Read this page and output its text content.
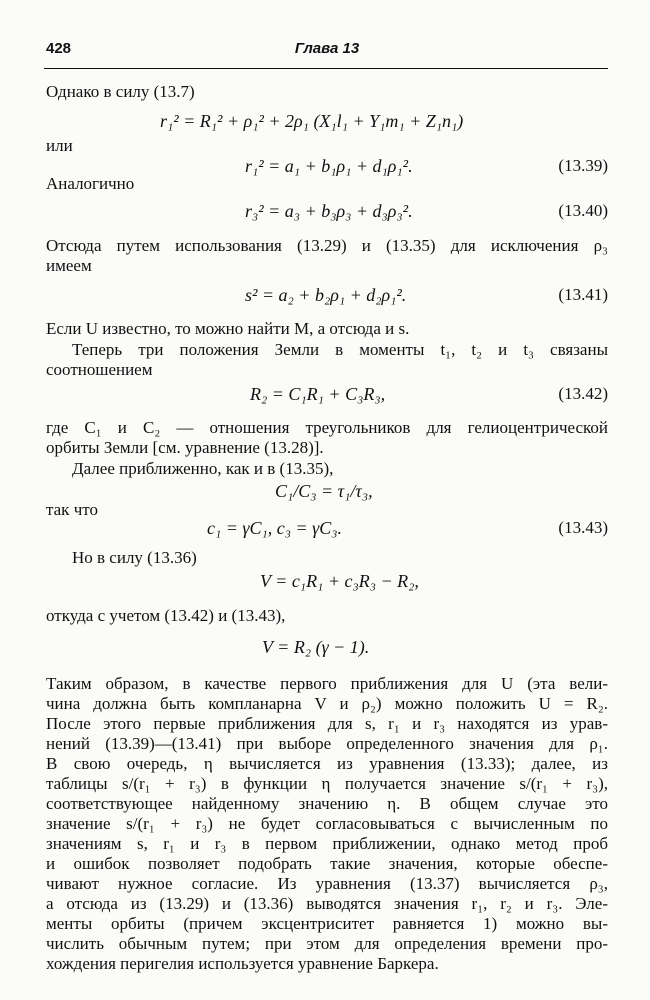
428	Глава 13
Однако в силу (13.7)
r₁² = R₁² + ρ₁² + 2ρ₁ (X₁l₁ + Y₁m₁ + Z₁n₁)
или
r₁² = a₁ + b₁ρ₁ + d₁ρ₁².	(13.39)
Аналогично
r₃² = a₃ + b₃ρ₃ + d₃ρ₃².	(13.40)
Отсюда путем использования (13.29) и (13.35) для исключения ρ₃
имеем
s² = a₂ + b₂ρ₁ + d₂ρ₁².	(13.41)
Если U известно, то можно найти M, а отсюда и s.
Теперь три положения Земли в моменты t₁, t₂ и t₃ связаны
соотношением
R₂ = C₁R₁ + C₃R₃,	(13.42)
где C₁ и C₂ — отношения треугольников для гелиоцентрической
орбиты Земли [см. уравнение (13.28)].
Далее приближенно, как и в (13.35),
C₁/C₃ = τ₁/τ₃,
так что
c₁ = γC₁, c₃ = γC₃.	(13.43)
Но в силу (13.36)
V = c₁R₁ + c₃R₃ − R₂,
откуда с учетом (13.42) и (13.43),
V = R₂ (γ − 1).
Таким образом, в качестве первого приближения для U (эта вели-
чина должна быть компланарна V и ρ₂) можно положить U = R₂.
После этого первые приближения для s, r₁ и r₃ находятся из урав-
нений (13.39)—(13.41) при выборе определенного значения для ρ₁.
В свою очередь, η вычисляется из уравнения (13.33); далее, из
таблицы s/(r₁ + r₃) в функции η получается значение s/(r₁ + r₃),
соответствующее найденному значению η. В общем случае это
значение s/(r₁ + r₃) не будет согласовываться с вычисленным по
значениям s, r₁ и r₃ в первом приближении, однако метод проб
и ошибок позволяет подобрать такие значения, которые обеспе-
чивают нужное согласие. Из уравнения (13.37) вычисляется ρ₃,
а отсюда из (13.29) и (13.36) выводятся значения r₁, r₂ и r₃. Эле-
менты орбиты (причем эксцентриситет равняется 1) можно вы-
числить обычным путем; при этом для определения времени про-
хождения перигелия используется уравнение Баркера.
